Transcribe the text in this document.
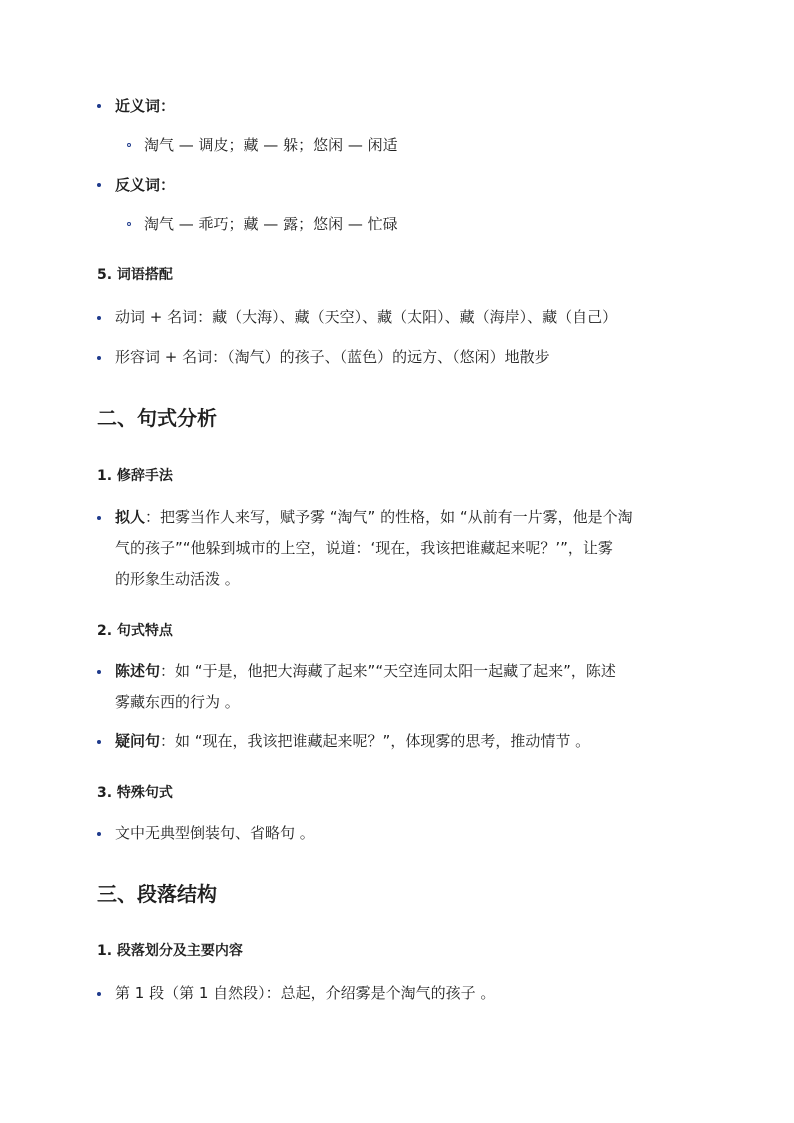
近义词：
淘气 — 调皮；藏 — 躲；悠闲 — 闲适
反义词：
淘气 — 乖巧；藏 — 露；悠闲 — 忙碌
5. 词语搭配
动词 + 名词：藏（大海）、藏（天空）、藏（太阳）、藏（海岸）、藏（自己）
形容词 + 名词：（淘气）的孩子、（蓝色）的远方、（悠闲）地散步
二、句式分析
1. 修辞手法
拟人：把雾当作人来写，赋予雾 “淘气” 的性格，如 “从前有一片雾，他是个淘
气的孩子”“他躲到城市的上空，说道：‘现在，我该把谁藏起来呢？’”，让雾
的形象生动活泼 。
2. 句式特点
陈述句：如 “于是，他把大海藏了起来”“天空连同太阳一起藏了起来”，陈述
雾藏东西的行为 。
疑问句：如 “现在，我该把谁藏起来呢？”，体现雾的思考，推动情节 。
3. 特殊句式
文中无典型倒装句、省略句 。
三、段落结构
1. 段落划分及主要内容
第 1 段（第 1 自然段）：总起，介绍雾是个淘气的孩子 。
